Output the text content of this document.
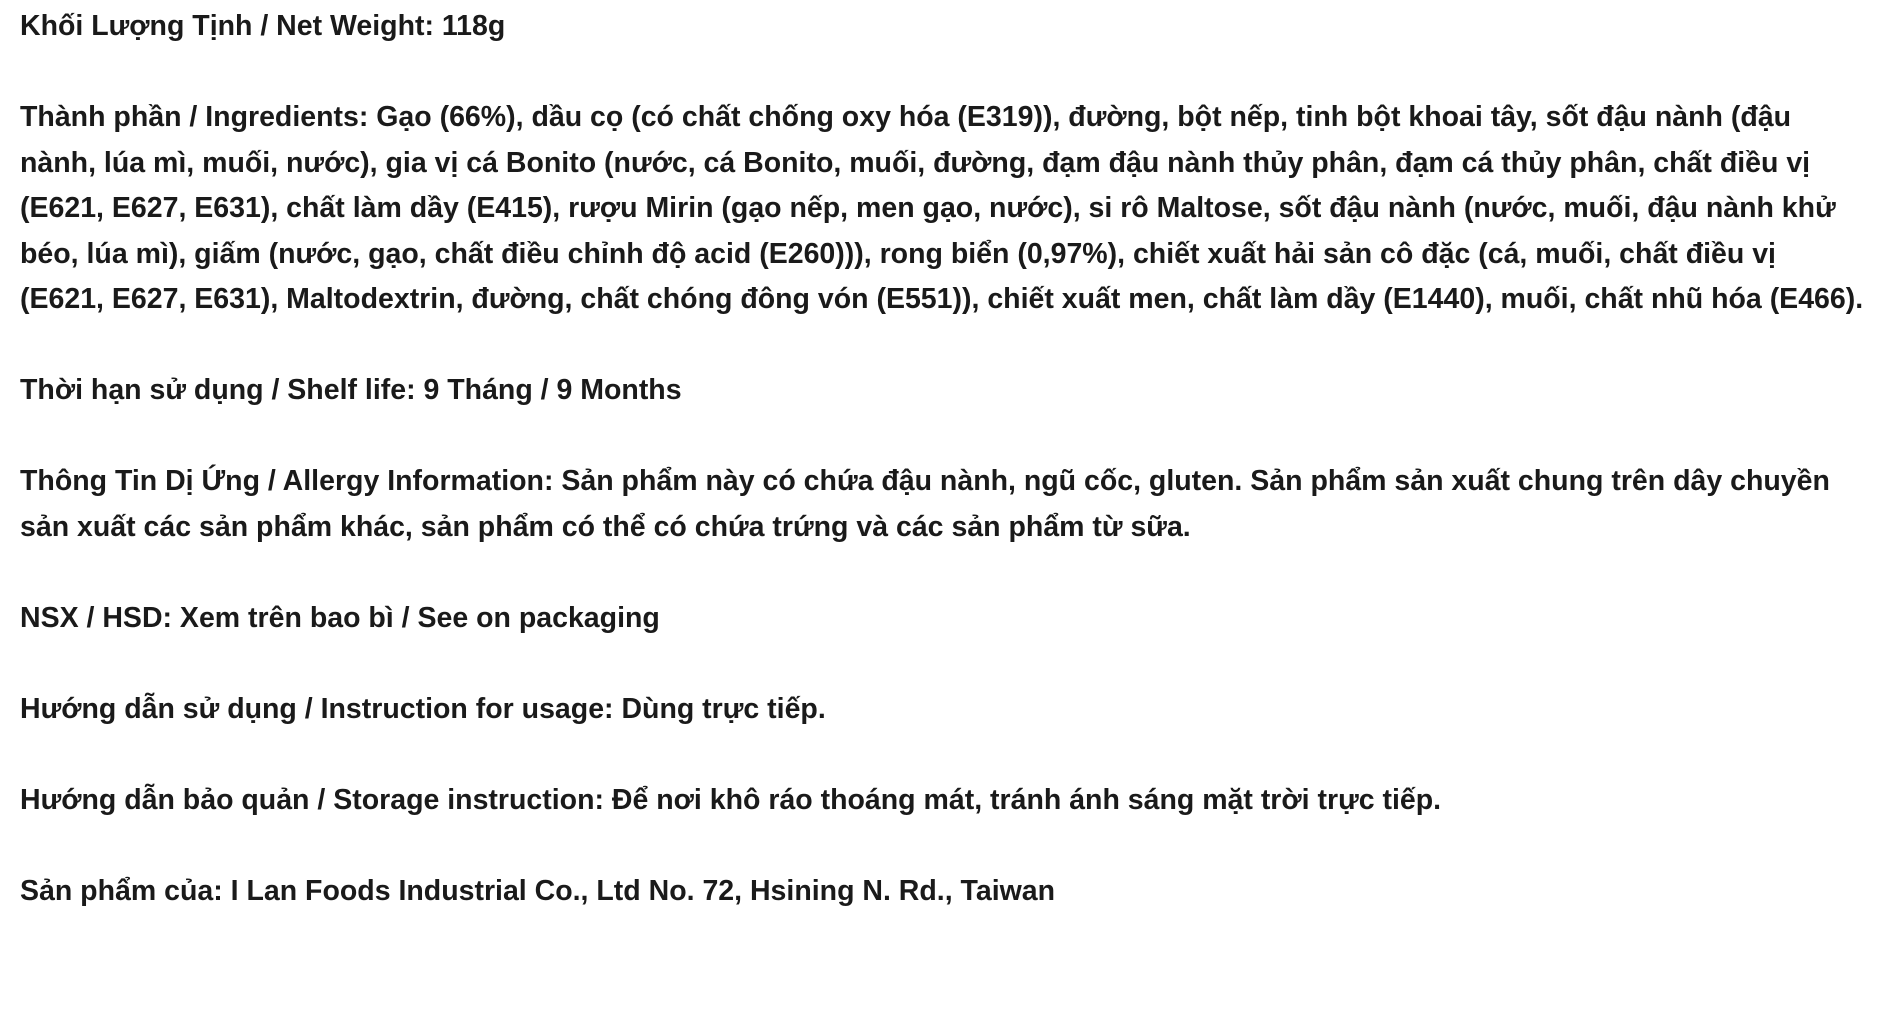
Khối Lượng Tịnh / Net Weight: 118g

Thành phần / Ingredients: Gạo (66%), dầu cọ (có chất chống oxy hóa (E319)), đường, bột nếp, tinh bột khoai tây, sốt đậu nành (đậu nành, lúa mì, muối, nước), gia vị cá Bonito (nước, cá Bonito, muối, đường, đạm đậu nành thủy phân, đạm cá thủy phân, chất điều vị (E621, E627, E631), chất làm dầy (E415), rượu Mirin (gạo nếp, men gạo, nước), si rô Maltose, sốt đậu nành (nước, muối, đậu nành khử béo, lúa mì), giấm (nước, gạo, chất điều chỉnh độ acid (E260))), rong biển (0,97%), chiết xuất hải sản cô đặc (cá, muối, chất điều vị (E621, E627, E631), Maltodextrin, đường, chất chóng đông vón (E551)), chiết xuất men, chất làm dầy (E1440), muối, chất nhũ hóa (E466).

Thời hạn sử dụng / Shelf life: 9 Tháng / 9 Months

Thông Tin Dị Ứng / Allergy Information: Sản phẩm này có chứa đậu nành, ngũ cốc, gluten. Sản phẩm sản xuất chung trên dây chuyền sản xuất các sản phẩm khác, sản phẩm có thể có chứa trứng và các sản phẩm từ sữa.

NSX / HSD: Xem trên bao bì / See on packaging

Hướng dẫn sử dụng / Instruction for usage: Dùng trực tiếp.

Hướng dẫn bảo quản / Storage instruction: Để nơi khô ráo thoáng mát, tránh ánh sáng mặt trời trực tiếp.

Sản phẩm của: I Lan Foods Industrial Co., Ltd No. 72, Hsining N. Rd., Taiwan
